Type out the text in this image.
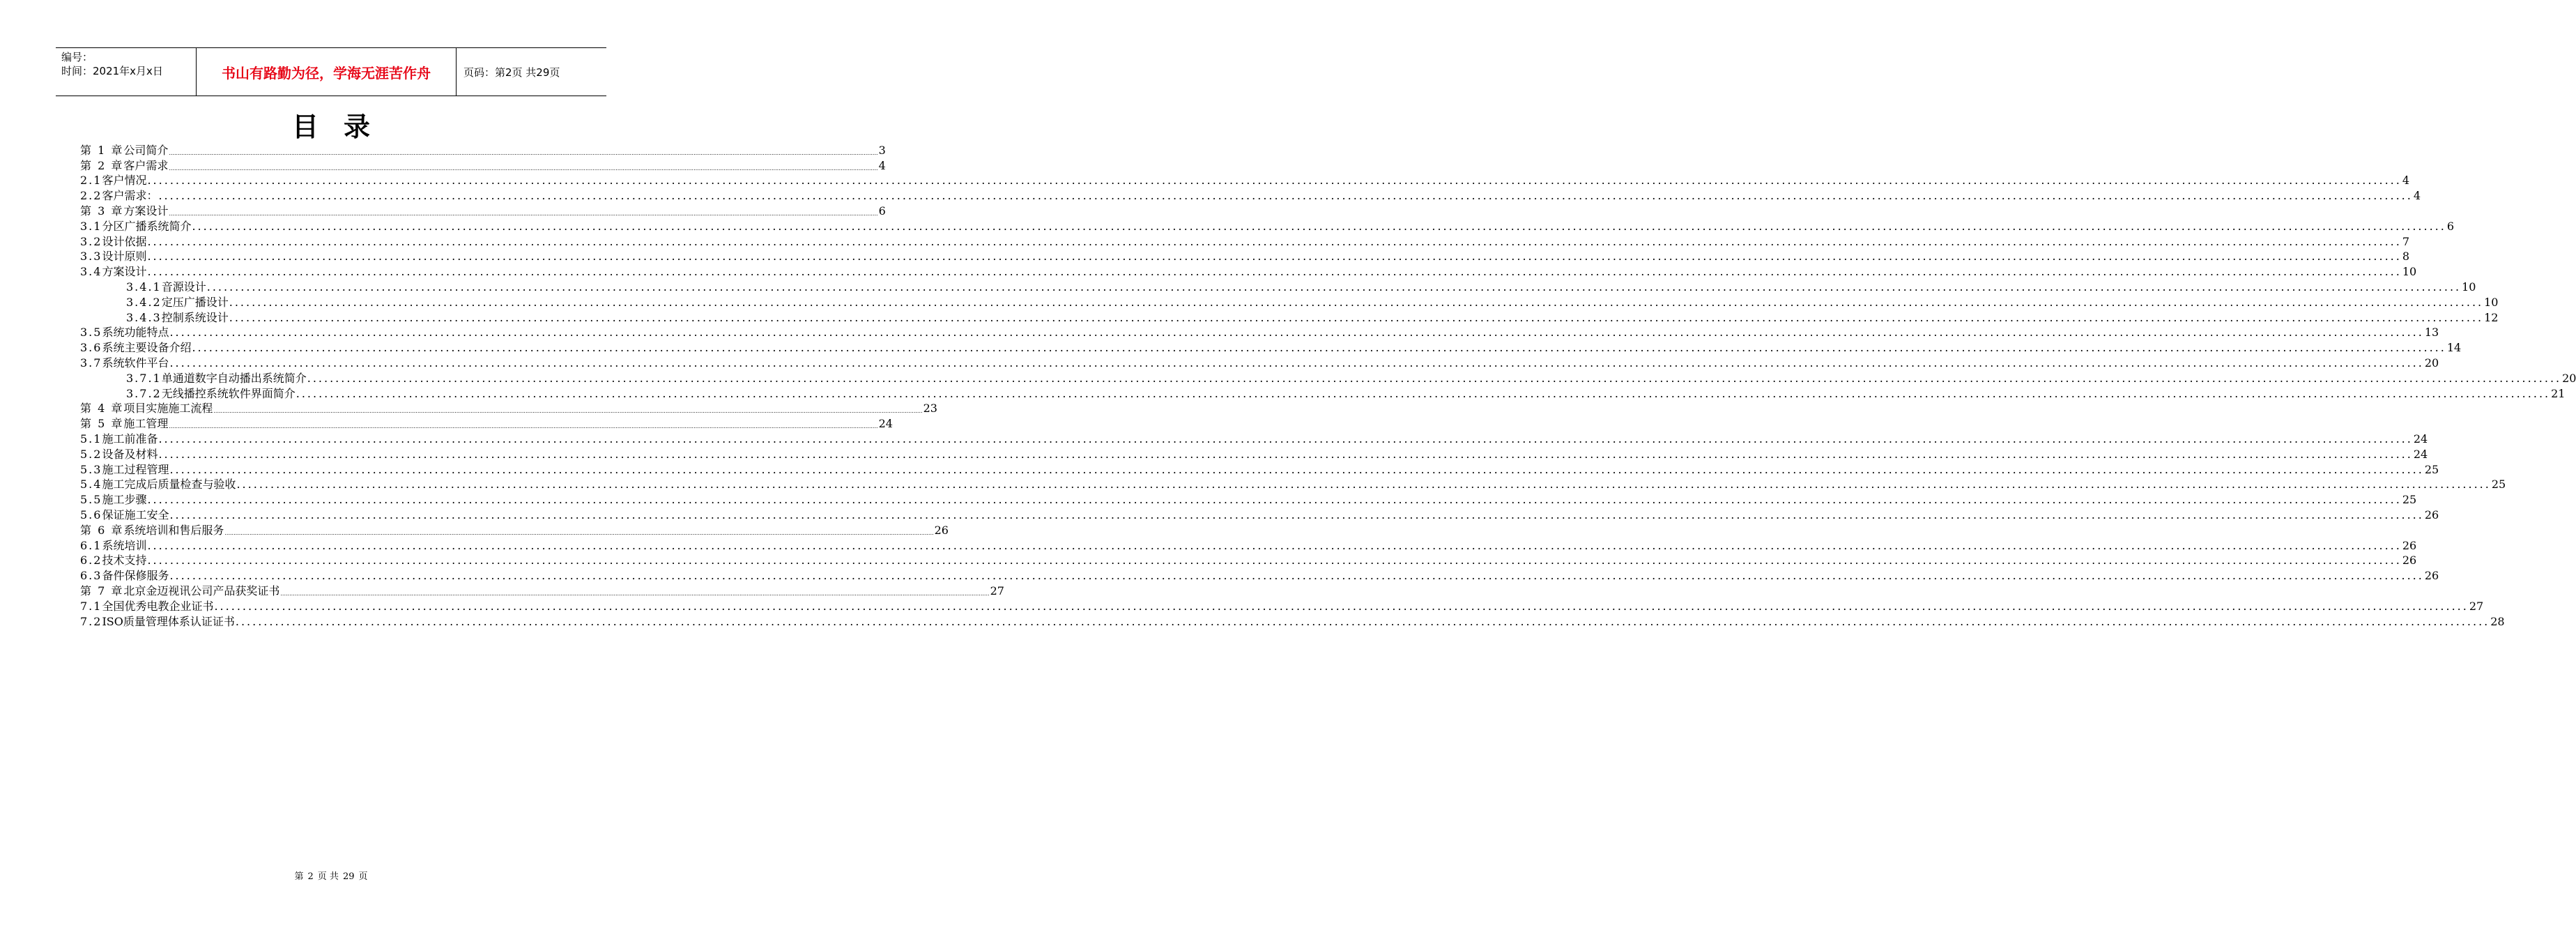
编号：
时间：2021年x月x日	书山有路勤为径，学海无涯苦作舟	页码：第2页 共29页
目录
第 1 章 公司简介 ................................................................................................................................................................................................................................................................................................................................................................................................................ 3
第 2 章 客户需求 ................................................................................................................................................................................................................................................................................................................................................................................................................ 4
2.1 客户情况 ................................................................................................................................................................................................................................................................................................................................................................................................................ 4
2.2 客户需求： ................................................................................................................................................................................................................................................................................................................................................................................................................ 4
第 3 章 方案设计 ................................................................................................................................................................................................................................................................................................................................................................................................................ 6
3.1 分区广播系统简介 ................................................................................................................................................................................................................................................................................................................................................................................................................ 6
3.2 设计依据 ................................................................................................................................................................................................................................................................................................................................................................................................................ 7
3.3 设计原则 ................................................................................................................................................................................................................................................................................................................................................................................................................ 8
3.4 方案设计 ................................................................................................................................................................................................................................................................................................................................................................................................................ 10
3.4.1 音源设计 ................................................................................................................................................................................................................................................................................................................................................................................................................ 10
3.4.2 定压广播设计 ................................................................................................................................................................................................................................................................................................................................................................................................................ 10
3.4.3 控制系统设计 ................................................................................................................................................................................................................................................................................................................................................................................................................ 12
3.5 系统功能特点 ................................................................................................................................................................................................................................................................................................................................................................................................................ 13
3.6 系统主要设备介绍 ................................................................................................................................................................................................................................................................................................................................................................................................................ 14
3.7 系统软件平台 ................................................................................................................................................................................................................................................................................................................................................................................................................ 20
3.7.1 单通道数字自动播出系统简介 ................................................................................................................................................................................................................................................................................................................................................................................................................ 20
3.7.2 无线播控系统软件界面简介 ................................................................................................................................................................................................................................................................................................................................................................................................................ 21
第 4 章 项目实施施工流程 ................................................................................................................................................................................................................................................................................................................................................................................................................ 23
第 5 章 施工管理 ................................................................................................................................................................................................................................................................................................................................................................................................................ 24
5.1 施工前准备 ................................................................................................................................................................................................................................................................................................................................................................................................................ 24
5.2 设备及材料 ................................................................................................................................................................................................................................................................................................................................................................................................................ 24
5.3 施工过程管理 ................................................................................................................................................................................................................................................................................................................................................................................................................ 25
5.4 施工完成后质量检查与验收 ................................................................................................................................................................................................................................................................................................................................................................................................................ 25
5.5 施工步骤 ................................................................................................................................................................................................................................................................................................................................................................................................................ 25
5.6 保证施工安全 ................................................................................................................................................................................................................................................................................................................................................................................................................ 26
第 6 章 系统培训和售后服务 ................................................................................................................................................................................................................................................................................................................................................................................................................ 26
6.1 系统培训 ................................................................................................................................................................................................................................................................................................................................................................................................................ 26
6.2 技术支持 ................................................................................................................................................................................................................................................................................................................................................................................................................ 26
6.3 备件保修服务 ................................................................................................................................................................................................................................................................................................................................................................................................................ 26
第 7 章 北京金迈视讯公司产品获奖证书 ................................................................................................................................................................................................................................................................................................................................................................................................................ 27
7.1 全国优秀电教企业证书 ................................................................................................................................................................................................................................................................................................................................................................................................................ 27
7.2 ISO质量管理体系认证证书 ................................................................................................................................................................................................................................................................................................................................................................................................................ 28
第 2 页 共 29 页
